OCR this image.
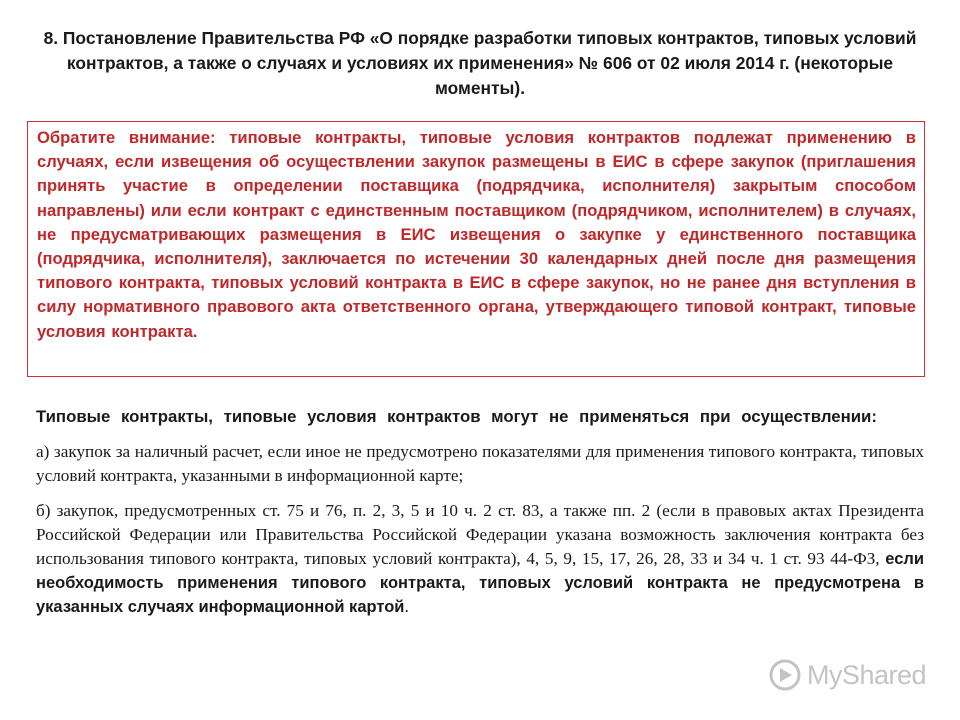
8. Постановление Правительства РФ «О порядке разработки типовых контрактов, типовых условий контрактов, а также о случаях и условиях их применения» № 606 от 02 июля 2014 г. (некоторые моменты).

Обратите внимание: типовые контракты, типовые условия контрактов подлежат применению в случаях, если извещения об осуществлении закупок размещены в ЕИС в сфере закупок (приглашения принять участие в определении поставщика (подрядчика, исполнителя) закрытым способом направлены) или если контракт с единственным поставщиком (подрядчиком, исполнителем) в случаях, не предусматривающих размещения в ЕИС извещения о закупке у единственного поставщика (подрядчика, исполнителя), заключается по истечении 30 календарных дней после дня размещения типового контракта, типовых условий контракта в ЕИС в сфере закупок, но не ранее дня вступления в силу нормативного правового акта ответственного органа, утверждающего типовой контракт, типовые условия контракта.

Типовые контракты, типовые условия контрактов могут не применяться при осуществлении:

а) закупок за наличный расчет, если иное не предусмотрено показателями для применения типового контракта, типовых условий контракта, указанными в информационной карте;

б) закупок, предусмотренных ст. 75 и 76, п. 2, 3, 5 и 10 ч. 2 ст. 83, а также пп. 2 (если в правовых актах Президента Российской Федерации или Правительства Российской Федерации указана возможность заключения контракта без использования типового контракта, типовых условий контракта), 4, 5, 9, 15, 17, 26, 28, 33 и 34 ч. 1 ст. 93 44-ФЗ, если необходимость применения типового контракта, типовых условий контракта не предусмотрена в указанных случаях информационной картой.

MyShared
